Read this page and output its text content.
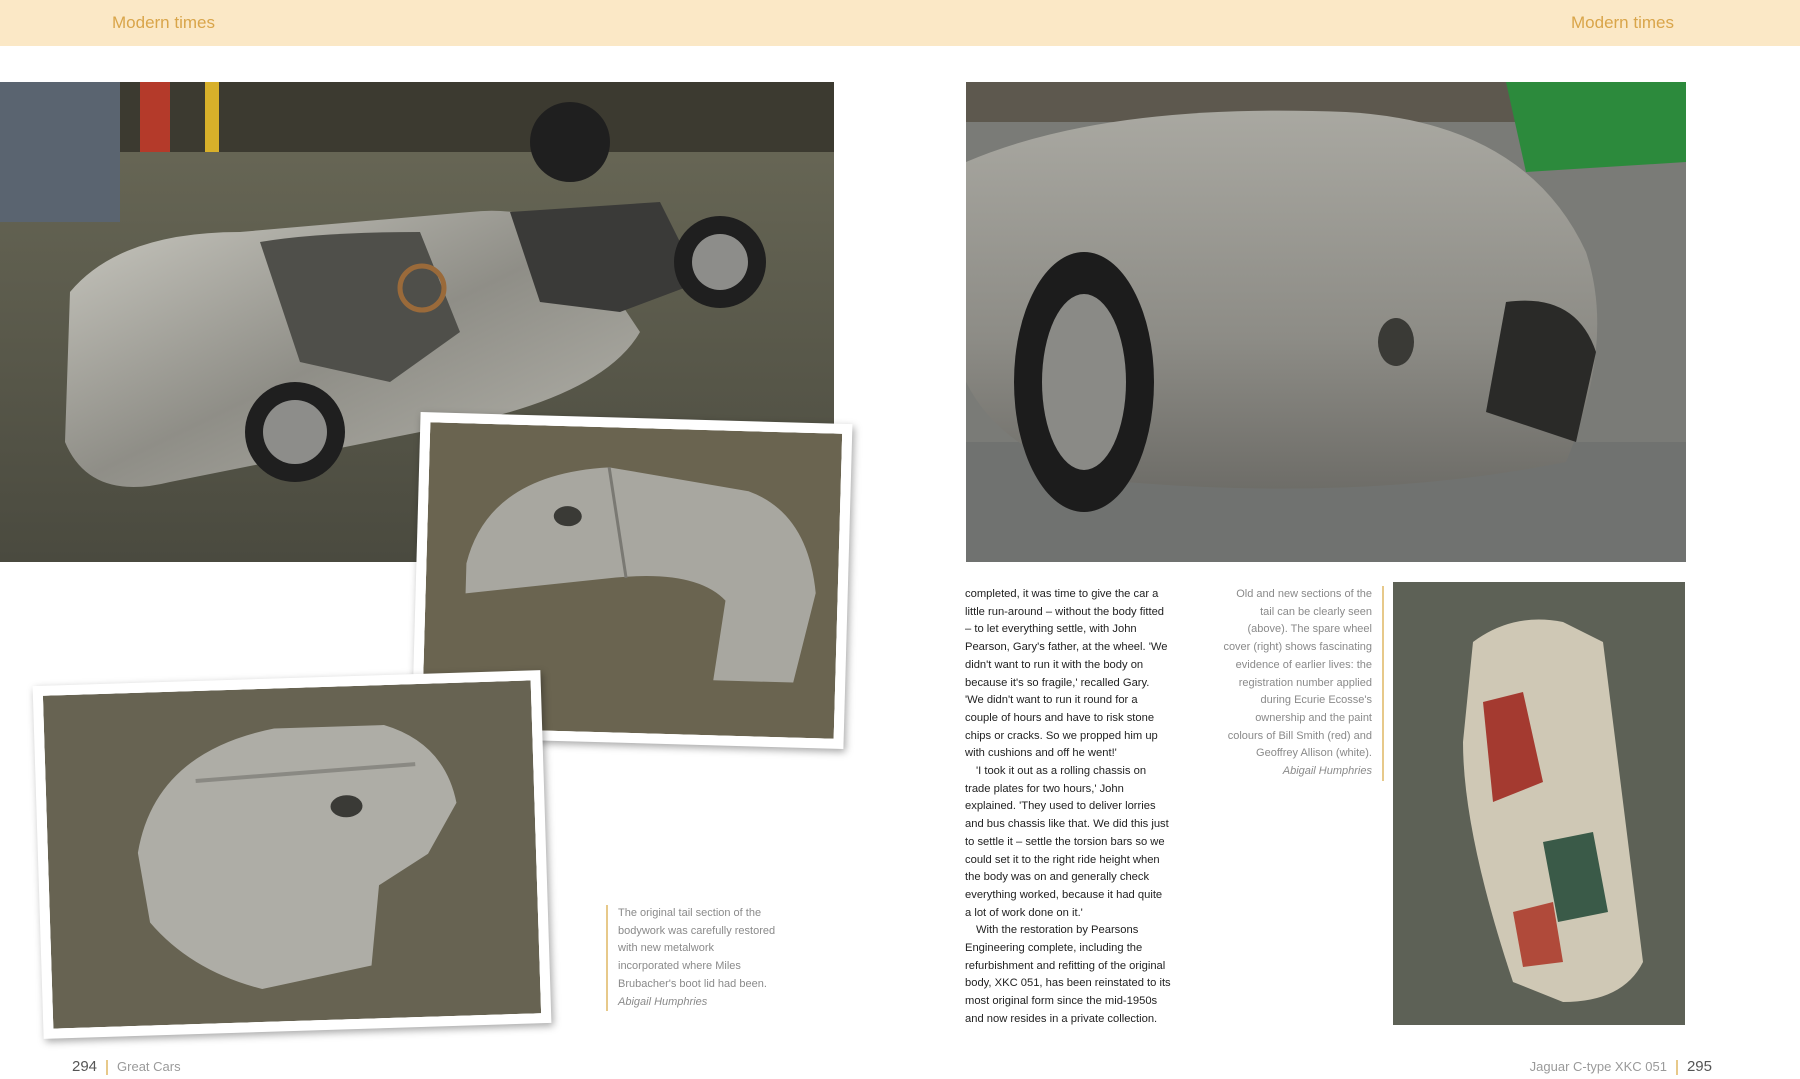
Modern times	Modern times

completed, it was time to give the car a little run-around – without the body fitted – to let everything settle, with John Pearson, Gary's father, at the wheel. 'We didn't want to run it with the body on because it's so fragile,' recalled Gary. 'We didn't want to run it round for a couple of hours and have to risk stone chips or cracks. So we propped him up with cushions and off he went!'

'I took it out as a rolling chassis on trade plates for two hours,' John explained. 'They used to deliver lorries and bus chassis like that. We did this just to settle it – settle the torsion bars so we could set it to the right ride height when the body was on and generally check everything worked, because it had quite a lot of work done on it.'

With the restoration by Pearsons Engineering complete, including the refurbishment and refitting of the original body, XKC 051, has been reinstated to its most original form since the mid-1950s and now resides in a private collection.

The original tail section of the bodywork was carefully restored with new metalwork incorporated where Miles Brubacher's boot lid had been.
Abigail Humphries
Old and new sections of the tail can be clearly seen (above). The spare wheel cover (right) shows fascinating evidence of earlier lives: the registration number applied during Ecurie Ecosse's ownership and the paint colours of Bill Smith (red) and Geoffrey Allison (white).
Abigail Humphries
294 Great Cars	Jaguar C-type XKC 051 295
